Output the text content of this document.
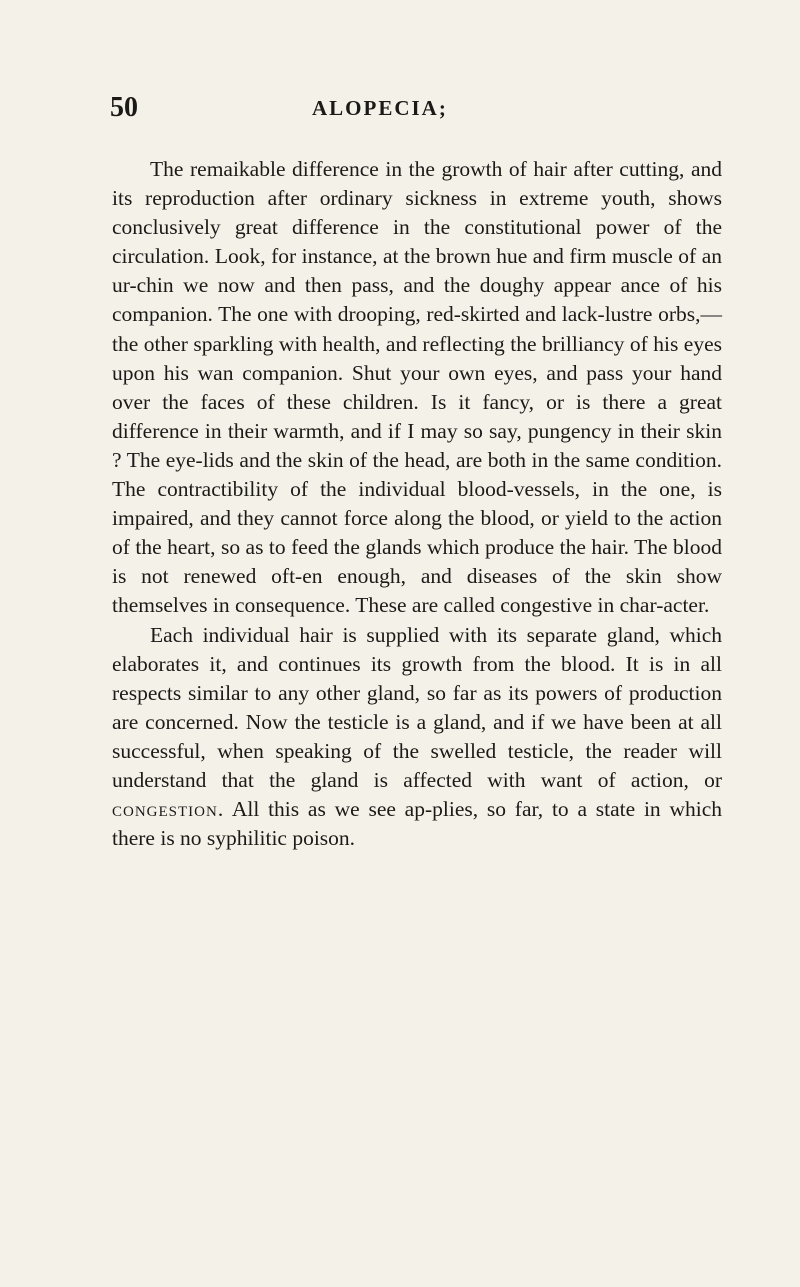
50	ALOPECIA;

The remaikable difference in the growth of hair after cutting, and its reproduction after ordinary sickness in extreme youth, shows conclusively great difference in the constitutional power of the circulation. Look, for instance, at the brown hue and firm muscle of an ur-chin we now and then pass, and the doughy appear ance of his companion. The one with drooping, red-skirted and lack-lustre orbs,—the other sparkling with health, and reflecting the brilliancy of his eyes upon his wan companion. Shut your own eyes, and pass your hand over the faces of these children. Is it fancy, or is there a great difference in their warmth, and if I may so say, pungency in their skin ? The eye-lids and the skin of the head, are both in the same condition. The contractibility of the individual blood-vessels, in the one, is impaired, and they cannot force along the blood, or yield to the action of the heart, so as to feed the glands which produce the hair. The blood is not renewed oft-en enough, and diseases of the skin show themselves in consequence. These are called congestive in char-acter.

Each individual hair is supplied with its separate gland, which elaborates it, and continues its growth from the blood. It is in all respects similar to any other gland, so far as its powers of production are concerned. Now the testicle is a gland, and if we have been at all successful, when speaking of the swelled testicle, the reader will understand that the gland is affected with want of action, or congestion. All this as we see ap-plies, so far, to a state in which there is no syphilitic poison.
